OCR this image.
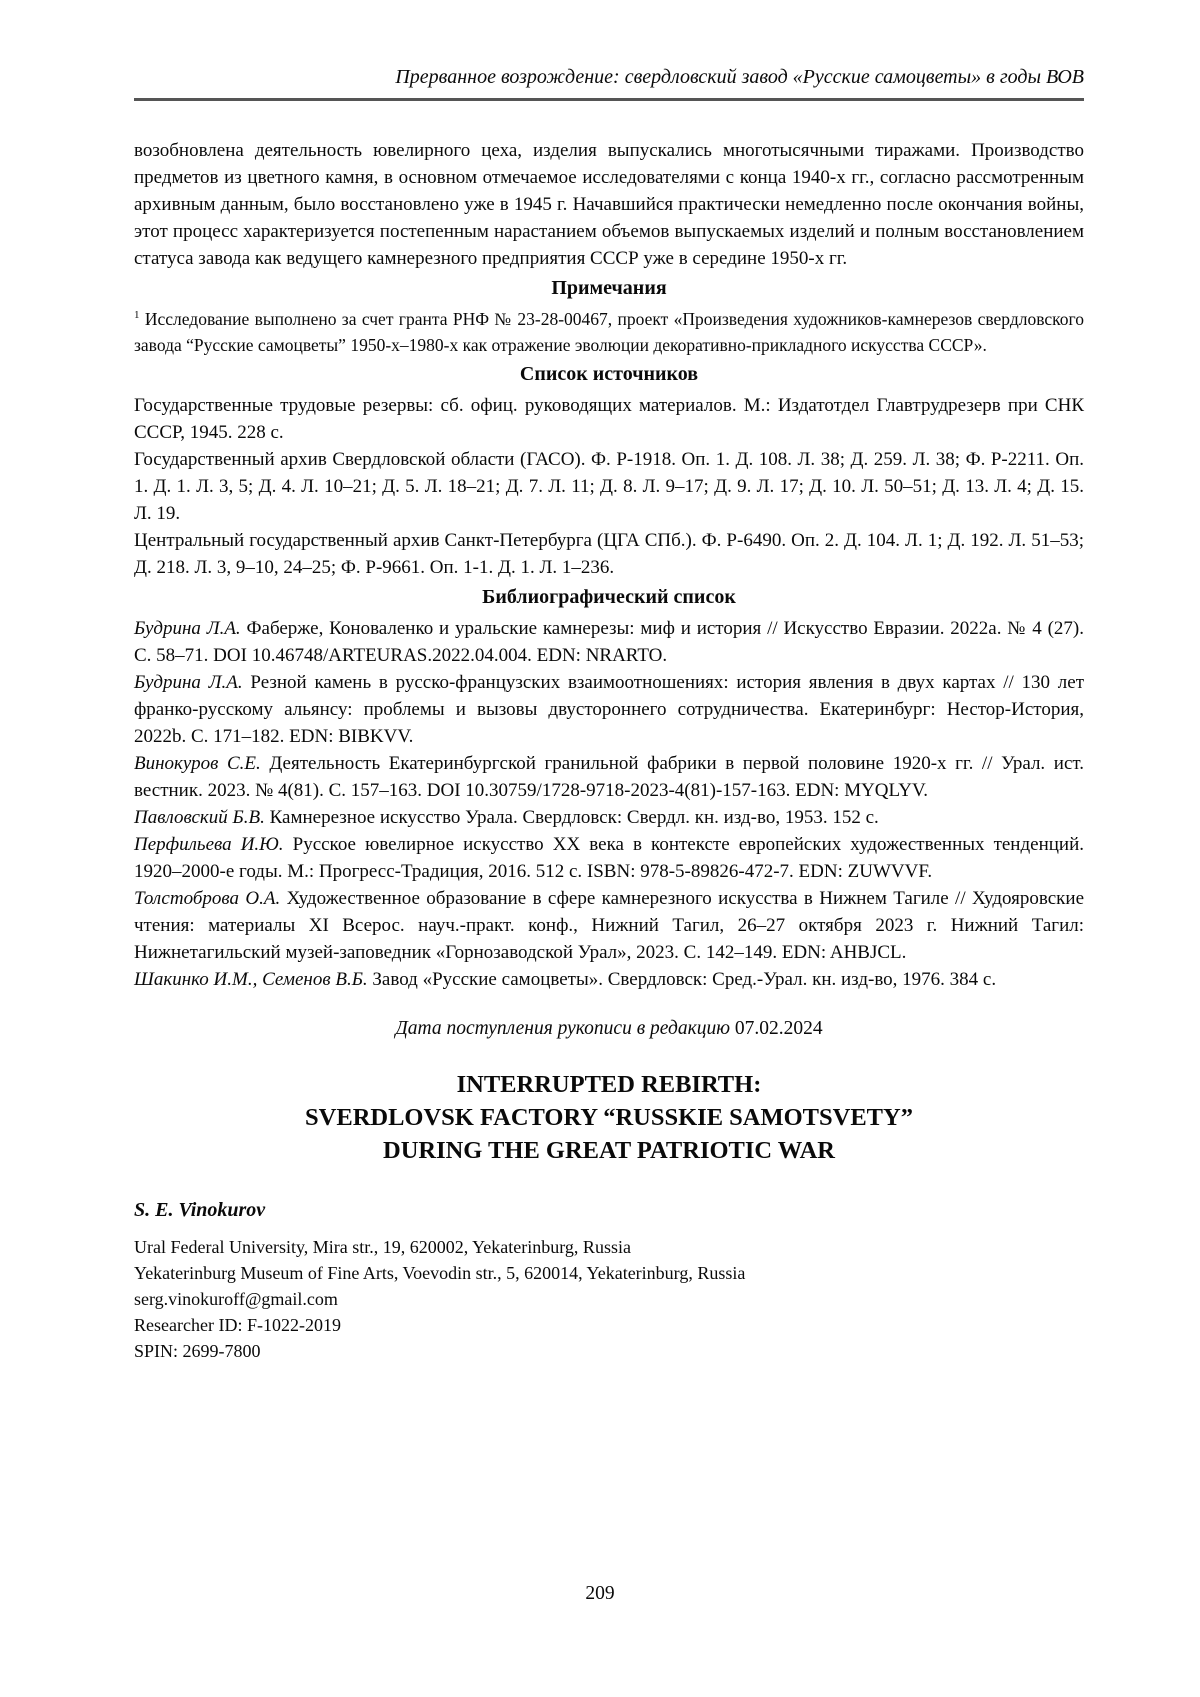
Прерванное возрождение: свердловский завод «Русские самоцветы» в годы ВОВ
возобновлена деятельность ювелирного цеха, изделия выпускались многотысячными тиражами. Производство предметов из цветного камня, в основном отмечаемое исследователями с конца 1940-х гг., согласно рассмотренным архивным данным, было восстановлено уже в 1945 г. Начавшийся практически немедленно после окончания войны, этот процесс характеризуется постепенным нарастанием объемов выпускаемых изделий и полным восстановлением статуса завода как ведущего камнерезного предприятия СССР уже в середине 1950-х гг.
Примечания
$^1$ Исследование выполнено за счет гранта РНФ № 23-28-00467, проект «Произведения художников-камнерезов свердловского завода “Русские самоцветы” 1950-х–1980-х как отражение эволюции декоративно-прикладного искусства СССР».
Список источников
Государственные трудовые резервы: сб. офиц. руководящих материалов. М.: Издатотдел Главтрудрезерв при СНК СССР, 1945. 228 с.
Государственный архив Свердловской области (ГАСО). Ф. Р-1918. Оп. 1. Д. 108. Л. 38; Д. 259. Л. 38; Ф. Р-2211. Оп. 1. Д. 1. Л. 3, 5; Д. 4. Л. 10–21; Д. 5. Л. 18–21; Д. 7. Л. 11; Д. 8. Л. 9–17; Д. 9. Л. 17; Д. 10. Л. 50–51; Д. 13. Л. 4; Д. 15. Л. 19.
Центральный государственный архив Санкт-Петербурга (ЦГА СПб.). Ф. Р-6490. Оп. 2. Д. 104. Л. 1; Д. 192. Л. 51–53; Д. 218. Л. 3, 9–10, 24–25; Ф. Р-9661. Оп. 1-1. Д. 1. Л. 1–236.
Библиографический список
Будрина Л.А. Фаберже, Коноваленко и уральские камнерезы: миф и история // Искусство Евразии. 2022a. № 4 (27). С. 58–71. DOI 10.46748/ARTEURAS.2022.04.004. EDN: NRARTO.
Будрина Л.А. Резной камень в русско-французских взаимоотношениях: история явления в двух картах // 130 лет франко-русскому альянсу: проблемы и вызовы двустороннего сотрудничества. Екатеринбург: Нестор-История, 2022b. С. 171–182. EDN: BIBKVV.
Винокуров С.Е. Деятельность Екатеринбургской гранильной фабрики в первой половине 1920-х гг. // Урал. ист. вестник. 2023. № 4(81). С. 157–163. DOI 10.30759/1728-9718-2023-4(81)-157-163. EDN: MYQLYV.
Павловский Б.В. Камнерезное искусство Урала. Свердловск: Свердл. кн. изд-во, 1953. 152 с.
Перфильева И.Ю. Русское ювелирное искусство XX века в контексте европейских художественных тенденций. 1920–2000-е годы. М.: Прогресс-Традиция, 2016. 512 с. ISBN: 978-5-89826-472-7. EDN: ZUWVVF.
Толстоброва О.А. Художественное образование в сфере камнерезного искусства в Нижнем Тагиле // Худояровские чтения: материалы XI Всерос. науч.-практ. конф., Нижний Тагил, 26–27 октября 2023 г. Нижний Тагил: Нижнетагильский музей-заповедник «Горнозаводской Урал», 2023. С. 142–149. EDN: AHBJCL.
Шакинко И.М., Семенов В.Б. Завод «Русские самоцветы». Свердловск: Сред.-Урал. кн. изд-во, 1976. 384 с.
Дата поступления рукописи в редакцию 07.02.2024
INTERRUPTED REBIRTH:
SVERDLOVSK FACTORY “RUSSKIE SAMOTSVETY”
DURING THE GREAT PATRIOTIC WAR
S. E. Vinokurov
Ural Federal University, Mira str., 19, 620002, Yekaterinburg, Russia
Yekaterinburg Museum of Fine Arts, Voevodin str., 5, 620014, Yekaterinburg, Russia
serg.vinokuroff@gmail.com
Researcher ID: F-1022-2019
SPIN: 2699-7800
209
